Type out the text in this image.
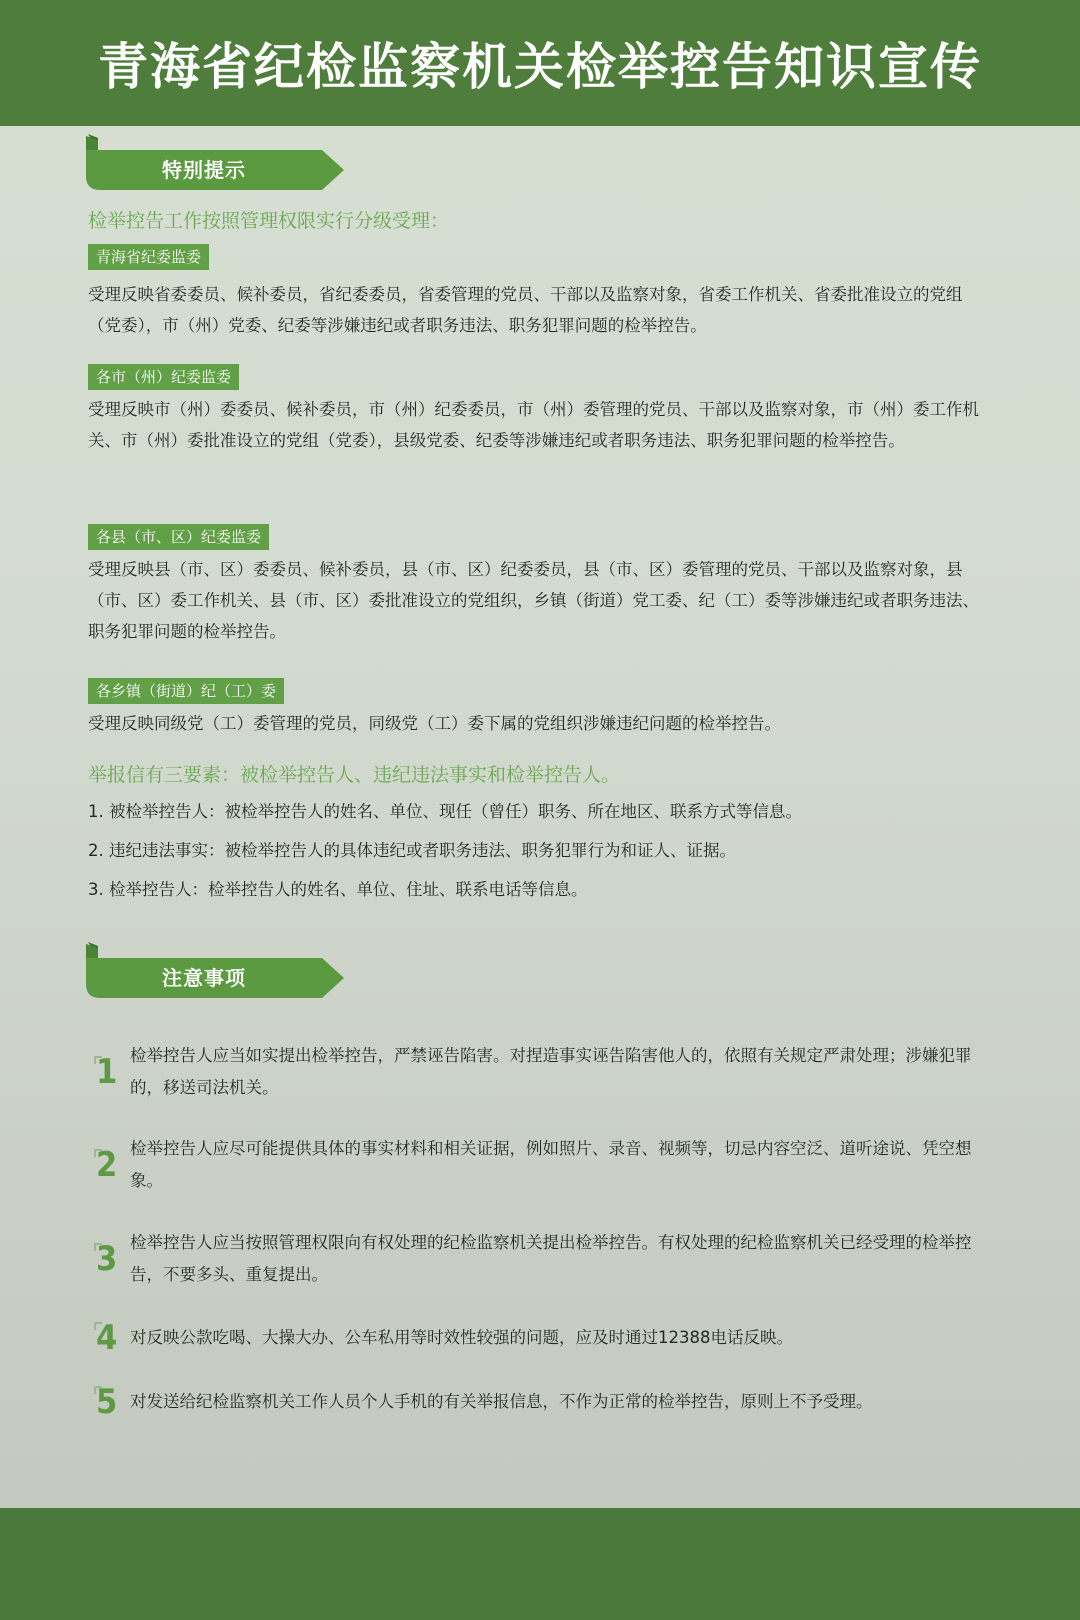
青海省纪检监察机关检举控告知识宣传
特别提示
检举控告工作按照管理权限实行分级受理：
青海省纪委监委
受理反映省委委员、候补委员，省纪委委员，省委管理的党员、干部以及监察对象，省委工作机关、省委批准设立的党组（党委），市（州）党委、纪委等涉嫌违纪或者职务违法、职务犯罪问题的检举控告。
各市（州）纪委监委
受理反映市（州）委委员、候补委员，市（州）纪委委员，市（州）委管理的党员、干部以及监察对象，市（州）委工作机关、市（州）委批准设立的党组（党委），县级党委、纪委等涉嫌违纪或者职务违法、职务犯罪问题的检举控告。
各县（市、区）纪委监委
受理反映县（市、区）委委员、候补委员，县（市、区）纪委委员，县（市、区）委管理的党员、干部以及监察对象，县（市、区）委工作机关、县（市、区）委批准设立的党组织，乡镇（街道）党工委、纪（工）委等涉嫌违纪或者职务违法、职务犯罪问题的检举控告。
各乡镇（街道）纪（工）委
受理反映同级党（工）委管理的党员，同级党（工）委下属的党组织涉嫌违纪问题的检举控告。
举报信有三要素：被检举控告人、违纪违法事实和检举控告人。
1. 被检举控告人：被检举控告人的姓名、单位、现任（曾任）职务、所在地区、联系方式等信息。
2. 违纪违法事实：被检举控告人的具体违纪或者职务违法、职务犯罪行为和证人、证据。
3. 检举控告人：检举控告人的姓名、单位、住址、联系电话等信息。
注意事项
1 检举控告人应当如实提出检举控告，严禁诬告陷害。对捏造事实诬告陷害他人的，依照有关规定严肃处理；涉嫌犯罪的，移送司法机关。
2 检举控告人应尽可能提供具体的事实材料和相关证据，例如照片、录音、视频等，切忌内容空泛、道听途说、凭空想象。
3 检举控告人应当按照管理权限向有权处理的纪检监察机关提出检举控告。有权处理的纪检监察机关已经受理的检举控告，不要多头、重复提出。
4 对反映公款吃喝、大操大办、公车私用等时效性较强的问题，应及时通过12388电话反映。
5 对发送给纪检监察机关工作人员个人手机的有关举报信息，不作为正常的检举控告，原则上不予受理。
